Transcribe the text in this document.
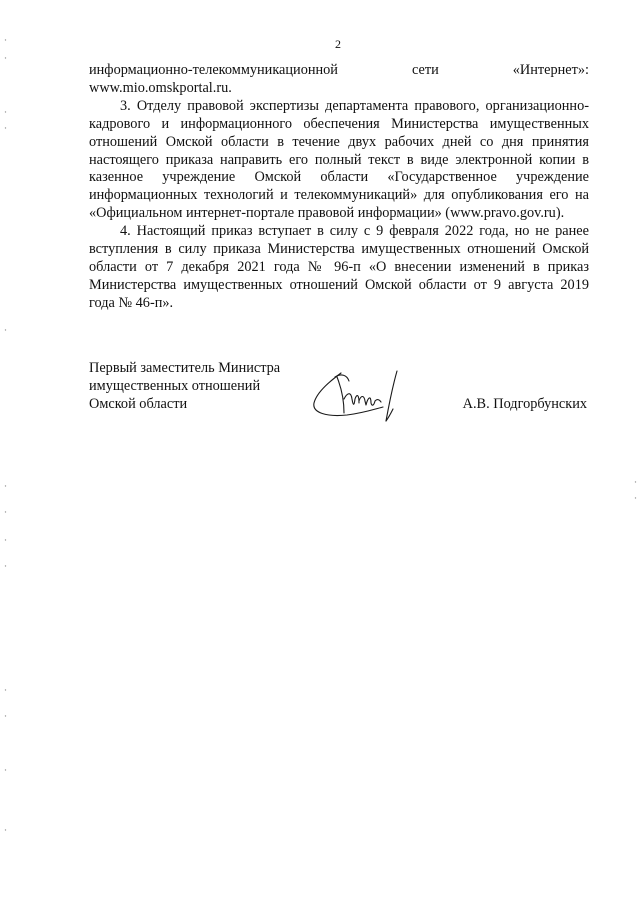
2

информационно-телекоммуникационной сети «Интернет»:

www.mio.omskportal.ru.

3. Отделу правовой экспертизы департамента правового, организационно-кадрового и информационного обеспечения Министерства имущественных отношений Омской области в течение двух рабочих дней со дня принятия настоящего приказа направить его полный текст в виде электронной копии в казенное учреждение Омской области «Государственное учреждение информационных технологий и телекоммуникаций» для опубликования его на «Официальном интернет-портале правовой информации» (www.pravo.gov.ru).

4. Настоящий приказ вступает в силу с 9 февраля 2022 года, но не ранее вступления в силу приказа Министерства имущественных отношений Омской области от 7 декабря 2021 года № 96-п «О внесении изменений в приказ Министерства имущественных отношений Омской области от 9 августа 2019 года № 46-п».

Первый заместитель Министра
имущественных отношений
Омской области	А.В. Подгорбунских
